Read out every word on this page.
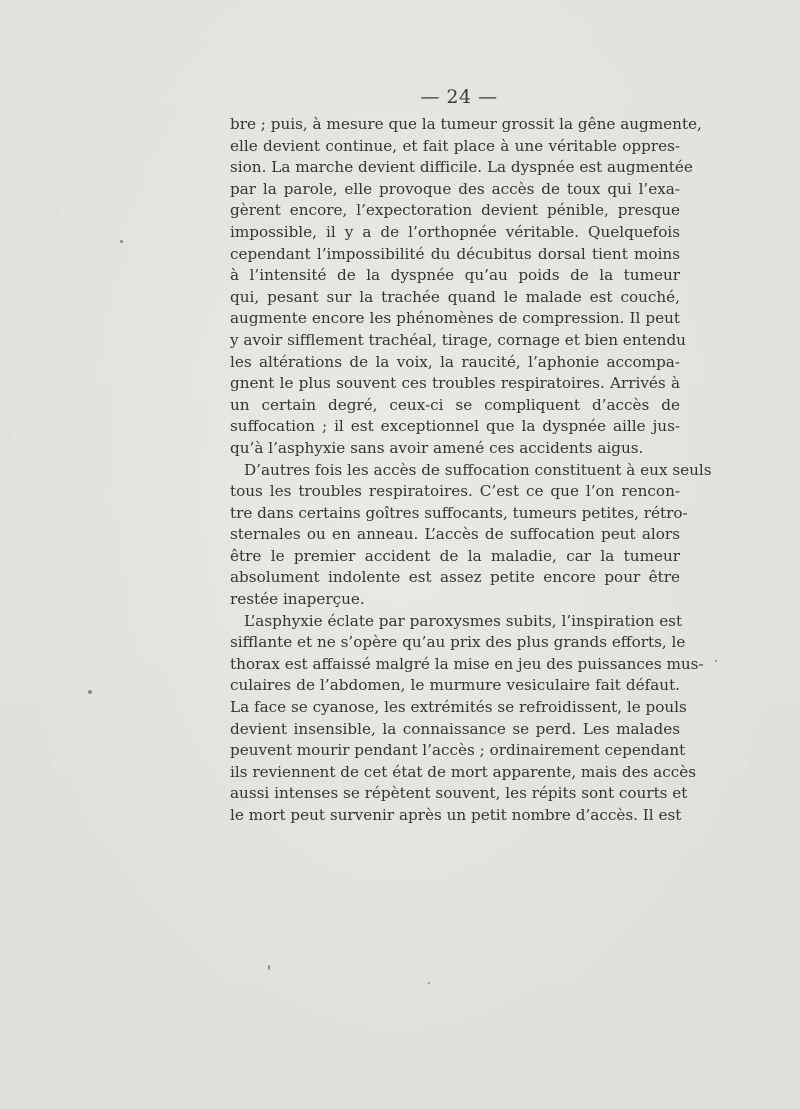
— 24 —
bre ; puis, à mesure que la tumeur grossit la gêne augmente,
elle devient continue, et fait place à une véritable oppres-
sion. La marche devient difficile. La dyspnée est augmentée
par la parole, elle provoque des accès de toux qui l’exa-
gèrent encore, l’expectoration devient pénible, presque
impossible, il y a de l’orthopnée véritable. Quelquefois
cependant l’impossibilité du décubitus dorsal tient moins
à l’intensité de la dyspnée qu’au poids de la tumeur
qui, pesant sur la trachée quand le malade est couché,
augmente encore les phénomènes de compression. Il peut
y avoir sifflement trachéal, tirage, cornage et bien entendu
les altérations de la voix, la raucité, l’aphonie accompa-
gnent le plus souvent ces troubles respiratoires. Arrivés à
un certain degré, ceux-ci se compliquent d’accès de
suffocation ; il est exceptionnel que la dyspnée aille jus-
qu’à l’asphyxie sans avoir amené ces accidents aigus.
D’autres fois les accès de suffocation constituent à eux seuls
tous les troubles respiratoires. C’est ce que l’on rencon-
tre dans certains goîtres suffocants, tumeurs petites, rétro-
sternales ou en anneau. L’accès de suffocation peut alors
être le premier accident de la maladie, car la tumeur
absolument indolente est assez petite encore pour être
restée inaperçue.
L’asphyxie éclate par paroxysmes subits, l’inspiration est
sifflante et ne s’opère qu’au prix des plus grands efforts, le
thorax est affaissé malgré la mise en jeu des puissances mus-
culaires de l’abdomen, le murmure vesiculaire fait défaut.
La face se cyanose, les extrémités se refroidissent, le pouls
devient insensible, la connaissance se perd. Les malades
peuvent mourir pendant l’accès ; ordinairement cependant
ils reviennent de cet état de mort apparente, mais des accès
aussi intenses se répètent souvent, les répits sont courts et
le mort peut survenir après un petit nombre d’accès. Il est
